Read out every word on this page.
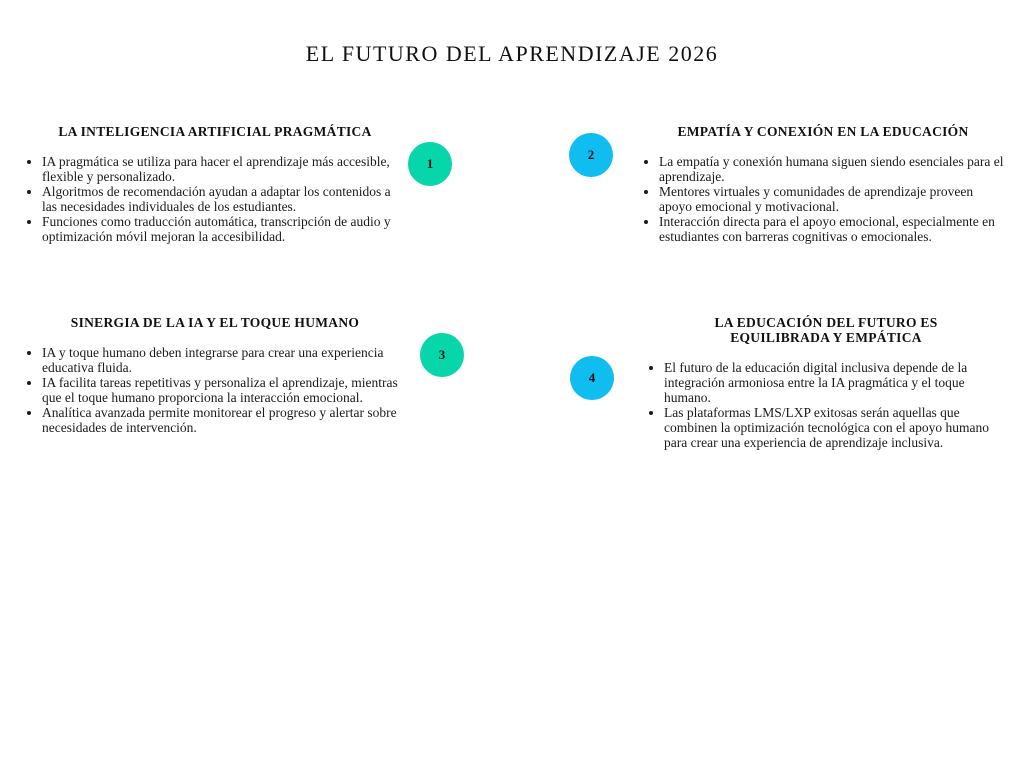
EL FUTURO DEL APRENDIZAJE 2026
LA INTELIGENCIA ARTIFICIAL PRAGMÁTICA
• IA pragmática se utiliza para hacer el aprendizaje más accesible, flexible y personalizado.
• Algoritmos de recomendación ayudan a adaptar los contenidos a las necesidades individuales de los estudiantes.
• Funciones como traducción automática, transcripción de audio y optimización móvil mejoran la accesibilidad.
1
2
EMPATÍA Y CONEXIÓN EN LA EDUCACIÓN
• La empatía y conexión humana siguen siendo esenciales para el aprendizaje.
• Mentores virtuales y comunidades de aprendizaje proveen apoyo emocional y motivacional.
• Interacción directa para el apoyo emocional, especialmente en estudiantes con barreras cognitivas o emocionales.
SINERGIA DE LA IA Y EL TOQUE HUMANO
• IA y toque humano deben integrarse para crear una experiencia educativa fluida.
• IA facilita tareas repetitivas y personaliza el aprendizaje, mientras que el toque humano proporciona la interacción emocional.
• Analítica avanzada permite monitorear el progreso y alertar sobre necesidades de intervención.
3
4
LA EDUCACIÓN DEL FUTURO ES EQUILIBRADA Y EMPÁTICA
• El futuro de la educación digital inclusiva depende de la integración armoniosa entre la IA pragmática y el toque humano.
• Las plataformas LMS/LXP exitosas serán aquellas que combinen la optimización tecnológica con el apoyo humano para crear una experiencia de aprendizaje inclusiva.
